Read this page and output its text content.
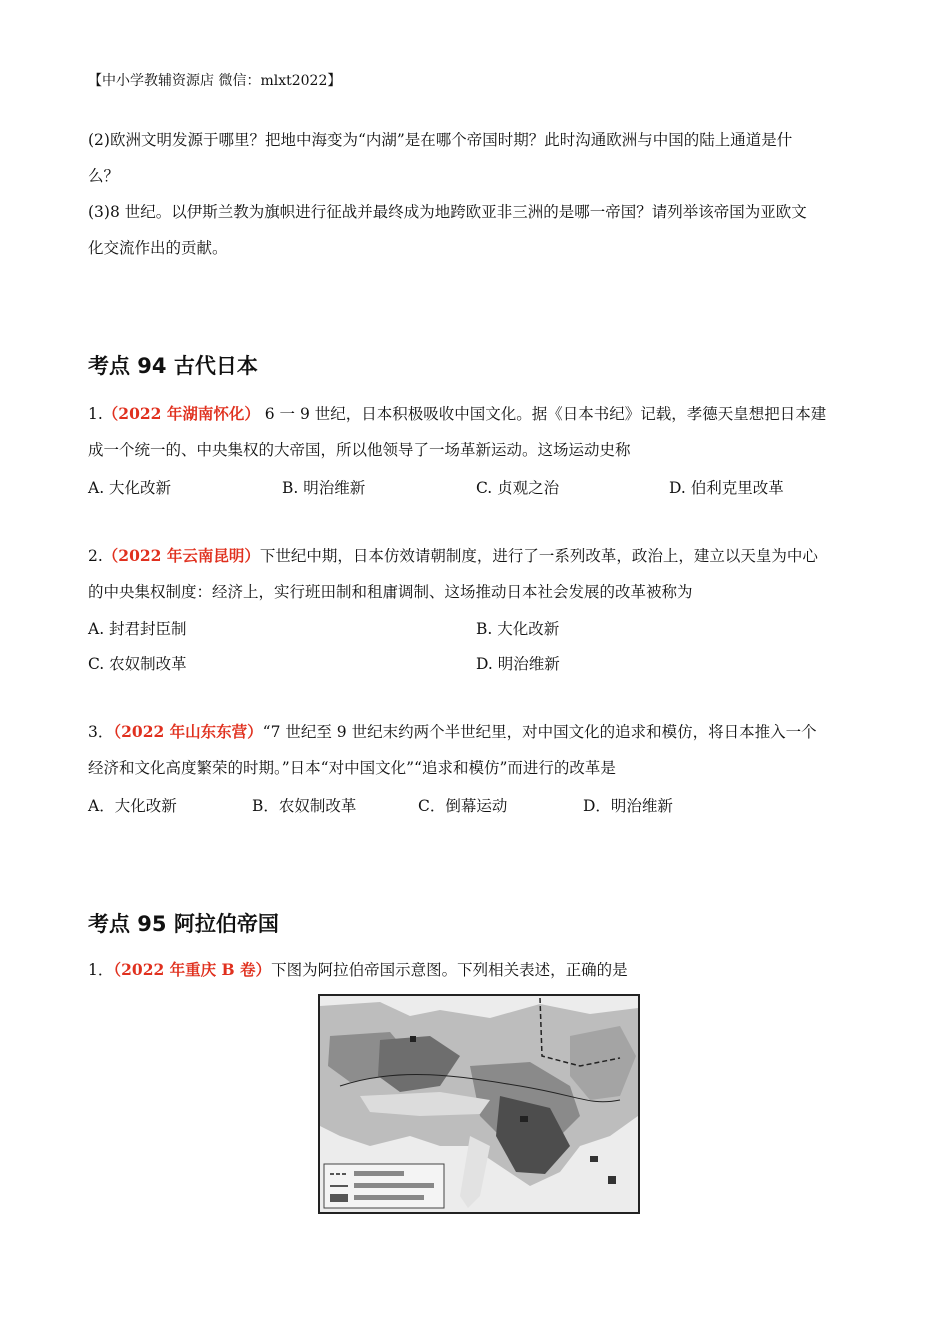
【中小学教辅资源店 微信：mlxt2022】
(2)欧洲文明发源于哪里？把地中海变为“内湖”是在哪个帝国时期？此时沟通欧洲与中国的陆上通道是什
么？
(3)8 世纪。以伊斯兰教为旗帜进行征战并最终成为地跨欧亚非三洲的是哪一帝国？请列举该帝国为亚欧文
化交流作出的贡献。
考点 94 古代日本
1.（2022 年湖南怀化） 6 一 9 世纪，日本积极吸收中国文化。据《日本书纪》记载，孝德天皇想把日本建
成一个统一的、中央集权的大帝国，所以他领导了一场革新运动。这场运动史称
A. 大化改新	B. 明治维新	C. 贞观之治	D. 伯利克里改革
2.（2022 年云南昆明）下世纪中期，日本仿效请朝制度，进行了一系列改革，政治上，建立以天皇为中心
的中央集权制度：经济上，实行班田制和租庸调制、这场推动日本社会发展的改革被称为
A. 封君封臣制	B. 大化改新
C. 农奴制改革	D. 明治维新
3．（2022 年山东东营）“7 世纪至 9 世纪末约两个半世纪里，对中国文化的追求和模仿，将日本推入一个
经济和文化高度繁荣的时期。”日本“对中国文化”“追求和模仿”而进行的改革是
A．大化改新	B．农奴制改革	C．倒幕运动	D．明治维新
考点 95 阿拉伯帝国
1．（2022 年重庆 B 卷）下图为阿拉伯帝国示意图。下列相关表述，正确的是
